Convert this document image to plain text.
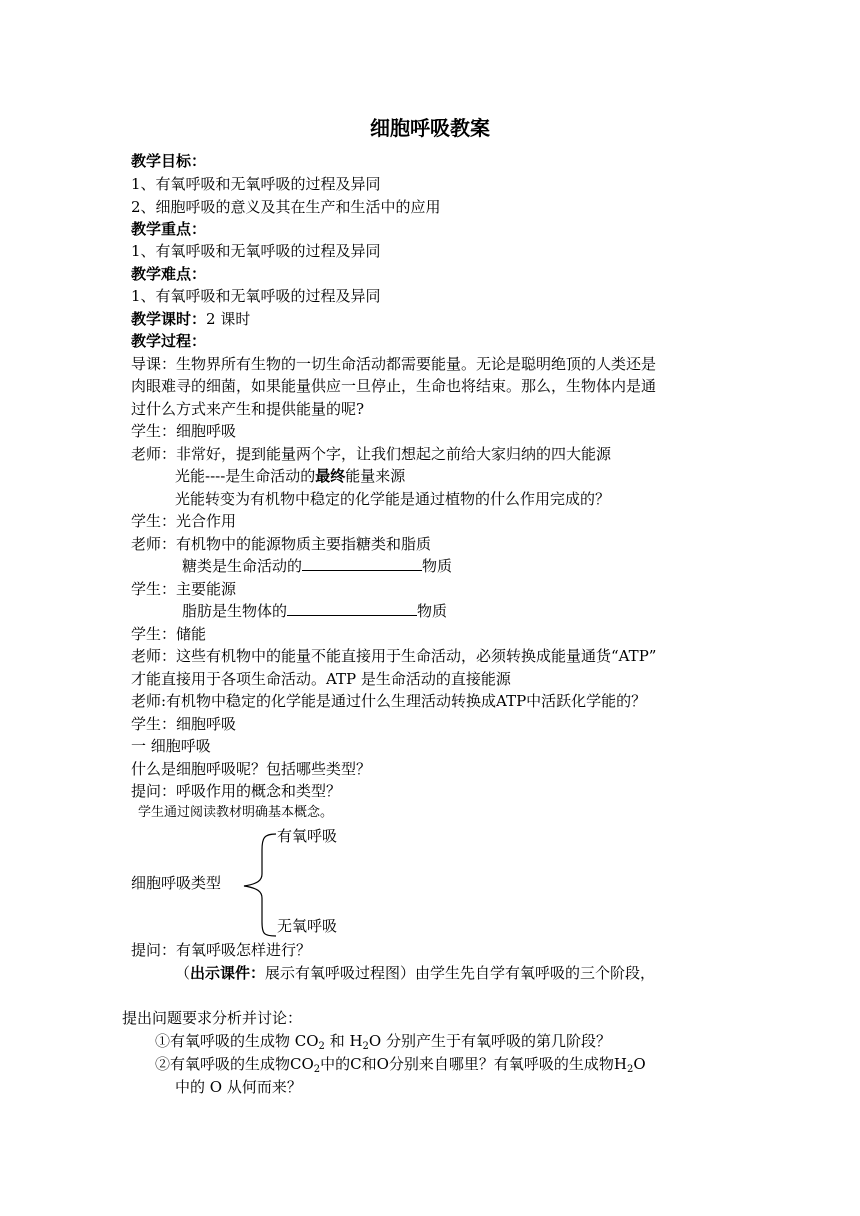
细胞呼吸教案
教学目标：
1、有氧呼吸和无氧呼吸的过程及异同
2、细胞呼吸的意义及其在生产和生活中的应用
教学重点：
1、有氧呼吸和无氧呼吸的过程及异同
教学难点：
1、有氧呼吸和无氧呼吸的过程及异同
教学课时：2 课时
教学过程：
导课：生物界所有生物的一切生命活动都需要能量。无论是聪明绝顶的人类还是
肉眼难寻的细菌，如果能量供应一旦停止，生命也将结束。那么，生物体内是通
过什么方式来产生和提供能量的呢?
学生：细胞呼吸
老师：非常好，提到能量两个字，让我们想起之前给大家归纳的四大能源
光能----是生命活动的最终能量来源
光能转变为有机物中稳定的化学能是通过植物的什么作用完成的？
学生：光合作用
老师：有机物中的能源物质主要指糖类和脂质
糖类是生命活动的	物质
学生：主要能源
脂肪是生物体的	物质
学生：储能
老师：这些有机物中的能量不能直接用于生命活动，必须转换成能量通货“ATP”
才能直接用于各项生命活动。ATP 是生命活动的直接能源
老师:有机物中稳定的化学能是通过什么生理活动转换成ATP中活跃化学能的？
学生：细胞呼吸
一 细胞呼吸
什么是细胞呼吸呢？包括哪些类型？
提问：呼吸作用的概念和类型？
学生通过阅读教材明确基本概念。
有氧呼吸
细胞呼吸类型
无氧呼吸
提问：有氧呼吸怎样进行？
（出示课件：展示有氧呼吸过程图）由学生先自学有氧呼吸的三个阶段，
提出问题要求分析并讨论：
①有氧呼吸的生成物 $CO_2$ 和 $H_2O$ 分别产生于有氧呼吸的第几阶段？
②有氧呼吸的生成物$CO_2$中的C和O分别来自哪里？有氧呼吸的生成物$H_2O$
中的 O 从何而来？
